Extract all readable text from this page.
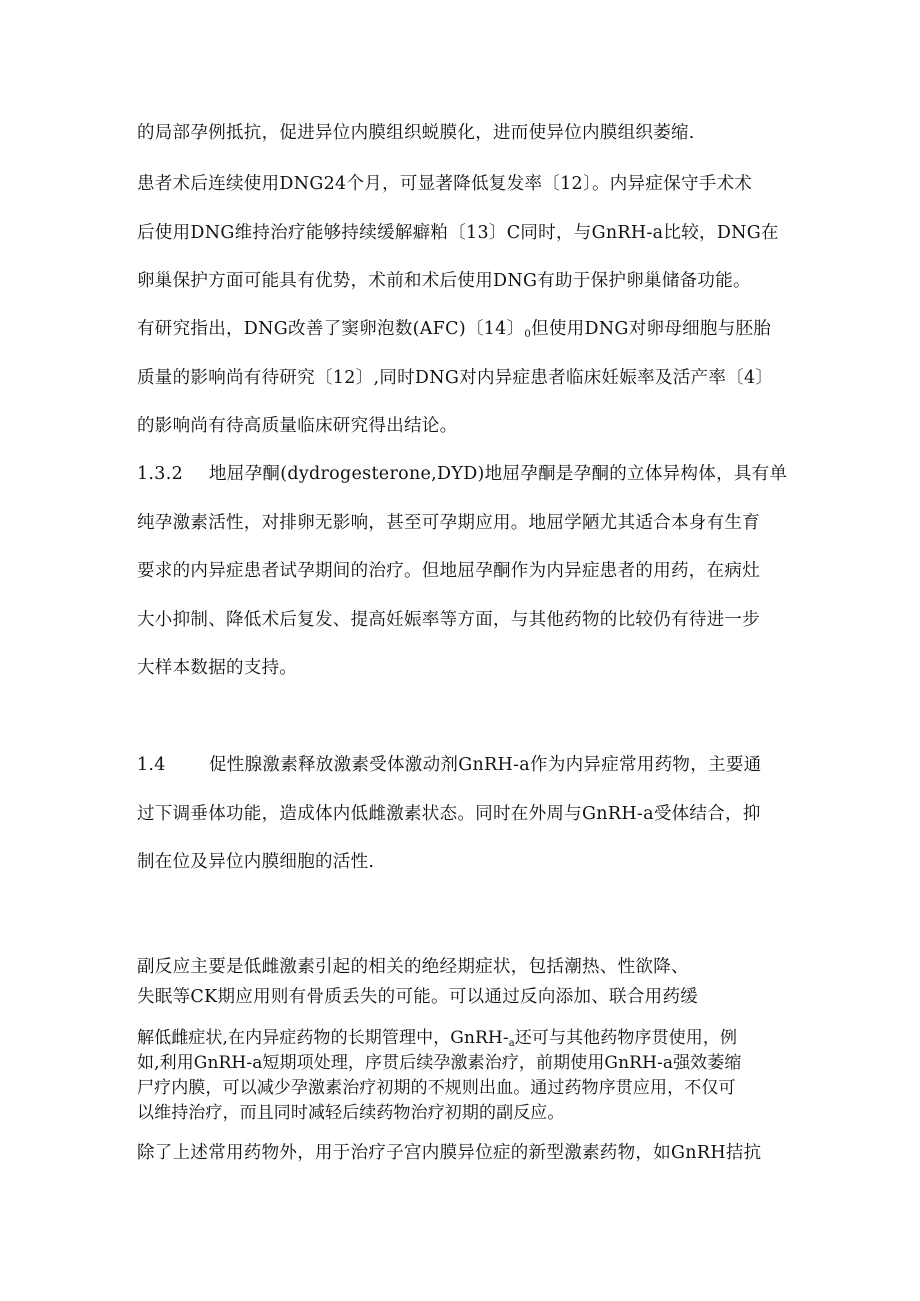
的局部孕例抵抗，促进异位内膜组织蜕膜化，进而使异位内膜组织萎缩.
患者术后连续使用DNG24个月，可显著降低复发率〔12〕。内异症保守手术术
后使用DNG维持治疗能够持续缓解癖粕〔13〕C同时，与GnRH-a比较，DNG在
卵巢保护方面可能具有优势，术前和术后使用DNG有助于保护卵巢储备功能。
有研究指出，DNG改善了窦卵泡数(AFC)〔14〕$_0$但使用DNG对卵母细胞与胚胎
质量的影响尚有待研究〔12〕,同时DNG对内异症患者临床妊娠率及活产率〔4〕
的影响尚有待高质量临床研究得出结论。
1.3.2 地屈孕酮(dydrogesterone,DYD)地屈孕酮是孕酮的立体异构体，具有单
纯孕激素活性，对排卵无影响，甚至可孕期应用。地屈学陋尤其适合本身有生育
要求的内异症患者试孕期间的治疗。但地屈孕酮作为内异症患者的用药，在病灶
大小抑制、降低术后复发、提高妊娠率等方面，与其他药物的比较仍有待进一步
大样本数据的支持。
1.4 促性腺激素释放激素受体激动剂GnRH-a作为内异症常用药物，主要通
过下调垂体功能，造成体内低雌激素状态。同时在外周与GnRH-a受体结合，抑
制在位及异位内膜细胞的活性.
副反应主要是低雌激素引起的相关的绝经期症状，包括潮热、性欲降、
失眠等CK期应用则有骨质丢失的可能。可以通过反向添加、联合用药缓
解低雌症状,在内异症药物的长期管理中，GnRH-$_a$还可与其他药物序贯使用，例
如,利用GnRH-a短期项处理，序贯后续孕激素治疗，前期使用GnRH-a强效萎缩
尸疗内膜，可以减少孕激素治疗初期的不规则出血。通过药物序贯应用，不仅可
以维持治疗，而且同时减轻后续药物治疗初期的副反应。
除了上述常用药物外，用于治疗子宫内膜异位症的新型激素药物，如GnRH拮抗
